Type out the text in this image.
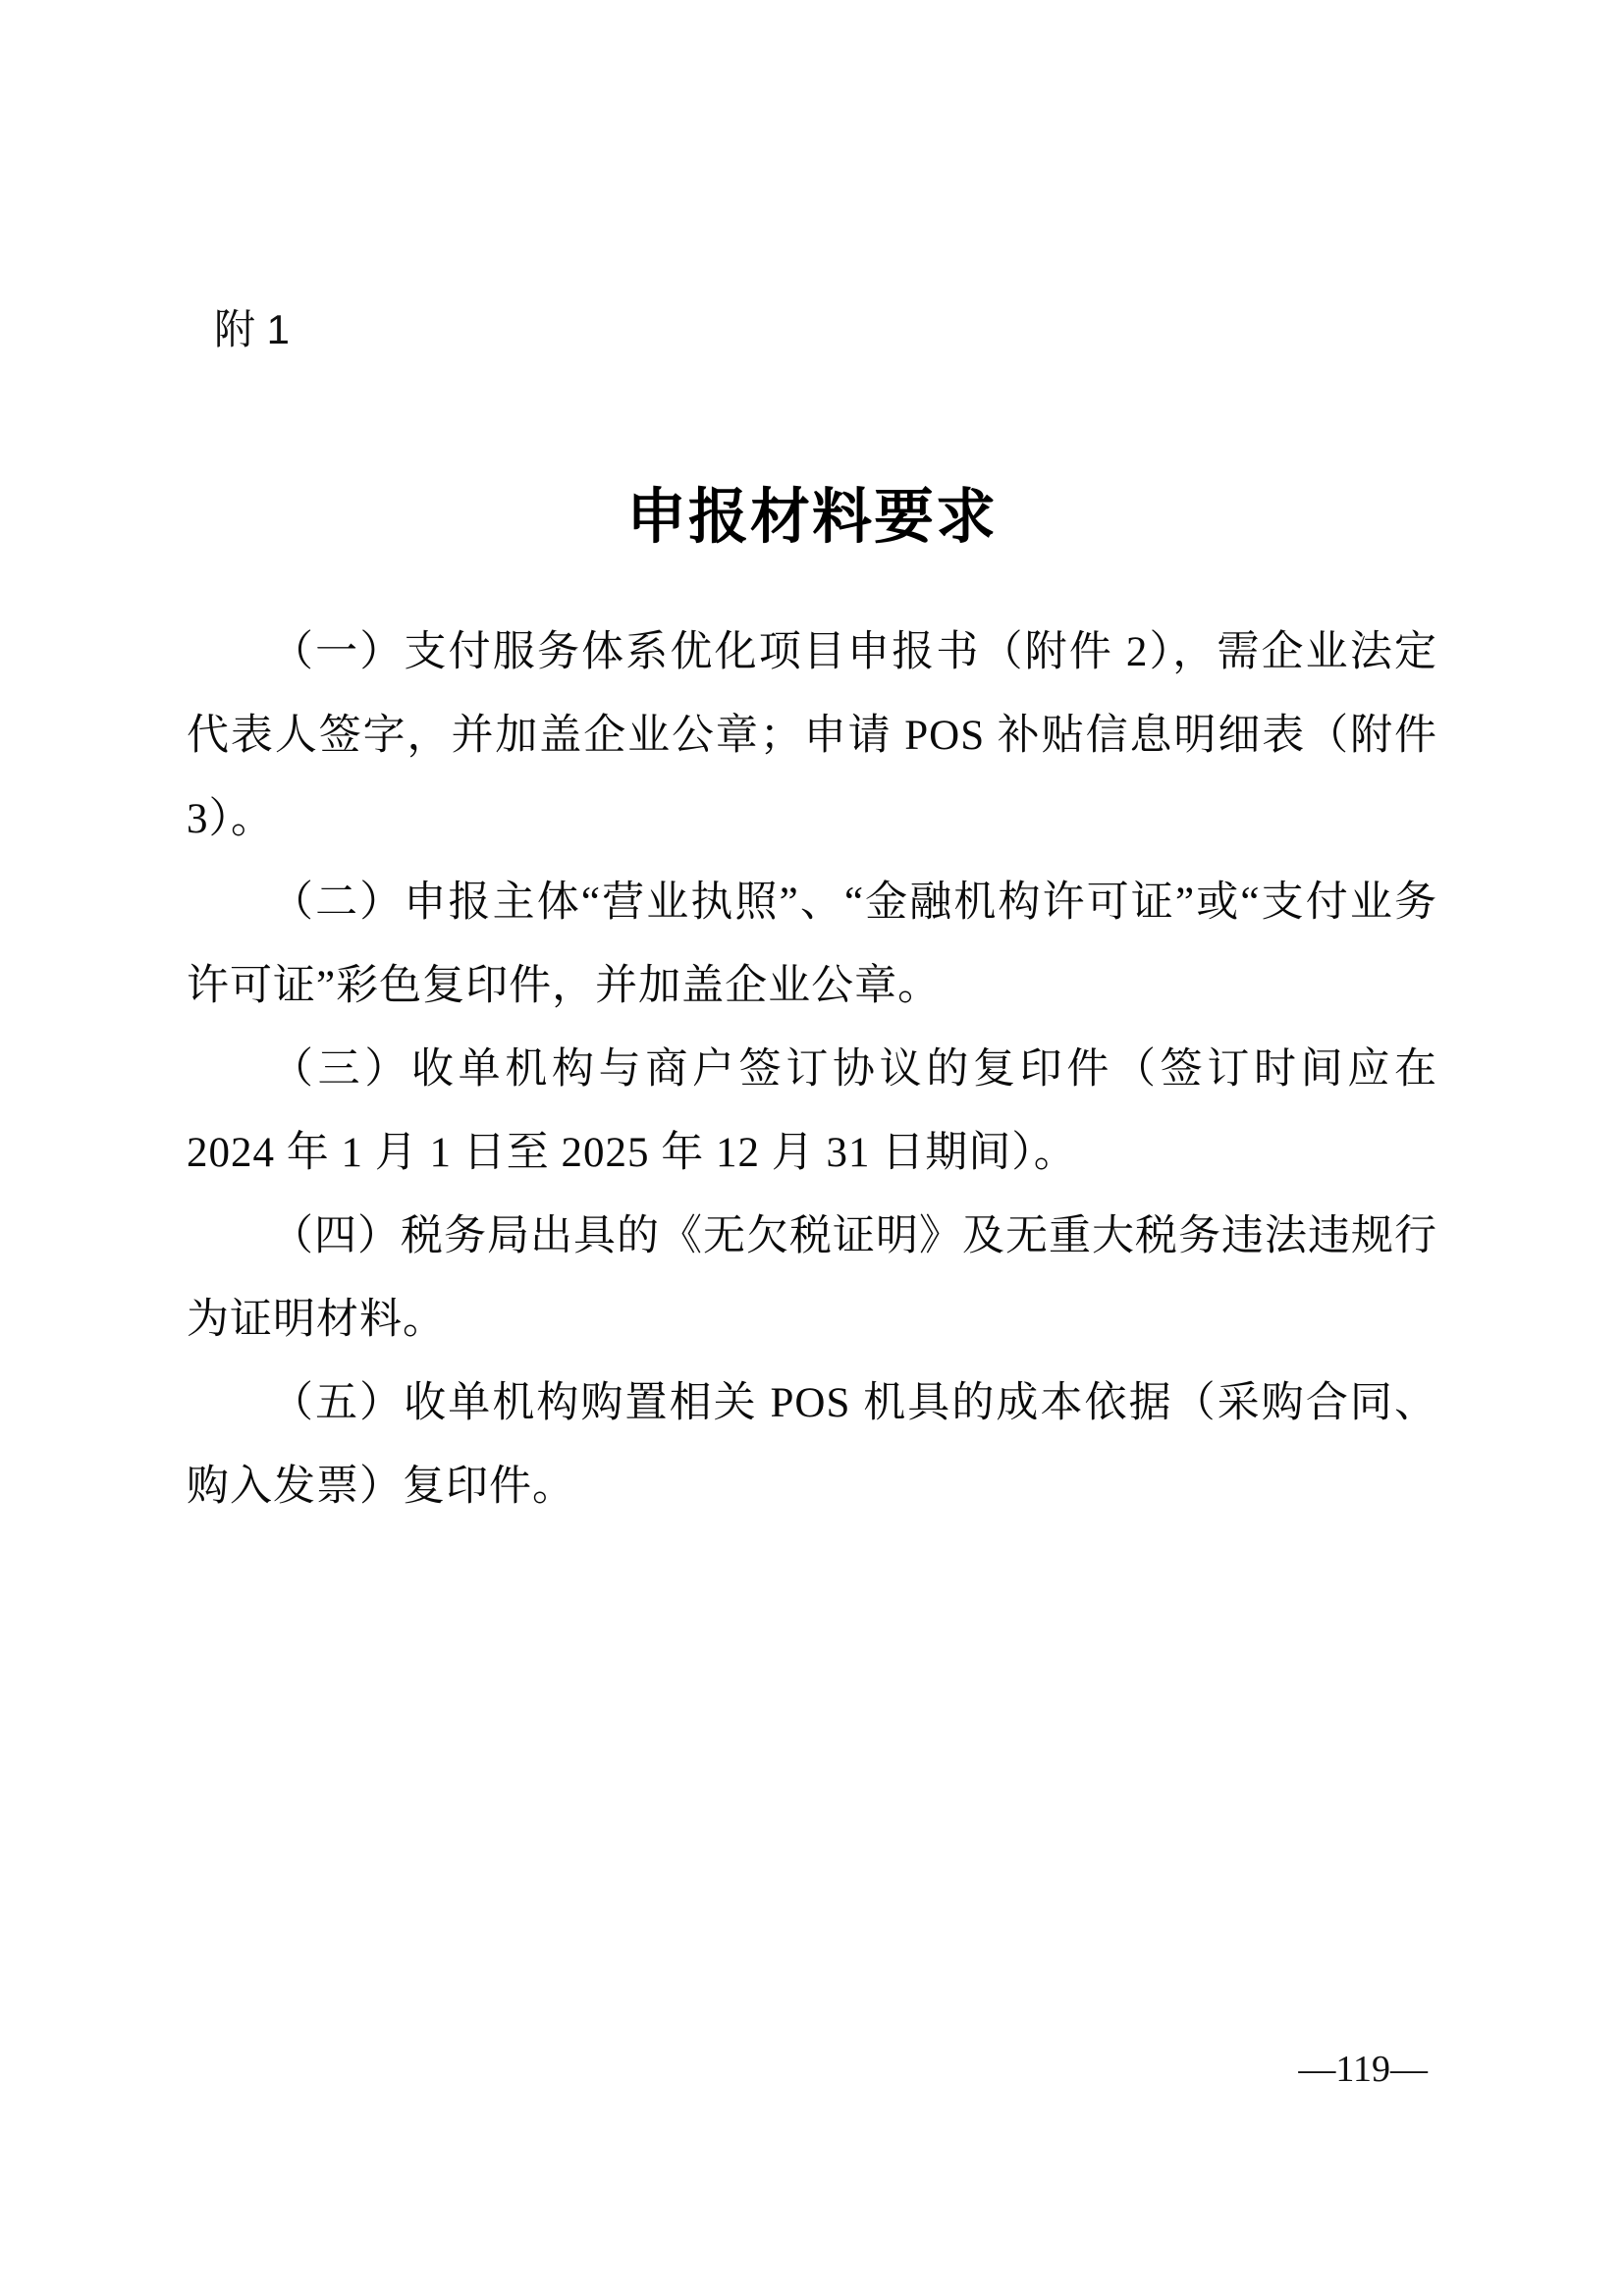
附 1
申报材料要求

（一）支付服务体系优化项目申报书（附件 2），需企业法定代表人签字，并加盖企业公章；申请 POS 补贴信息明细表（附件 3）。

（二）申报主体“营业执照”、“金融机构许可证”或“支付业务许可证”彩色复印件，并加盖企业公章。

（三）收单机构与商户签订协议的复印件（签订时间应在 2024 年 1 月 1 日至 2025 年 12 月 31 日期间）。

（四）税务局出具的《无欠税证明》及无重大税务违法违规行为证明材料。

（五）收单机构购置相关 POS 机具的成本依据（采购合同、购入发票）复印件。

—119—
